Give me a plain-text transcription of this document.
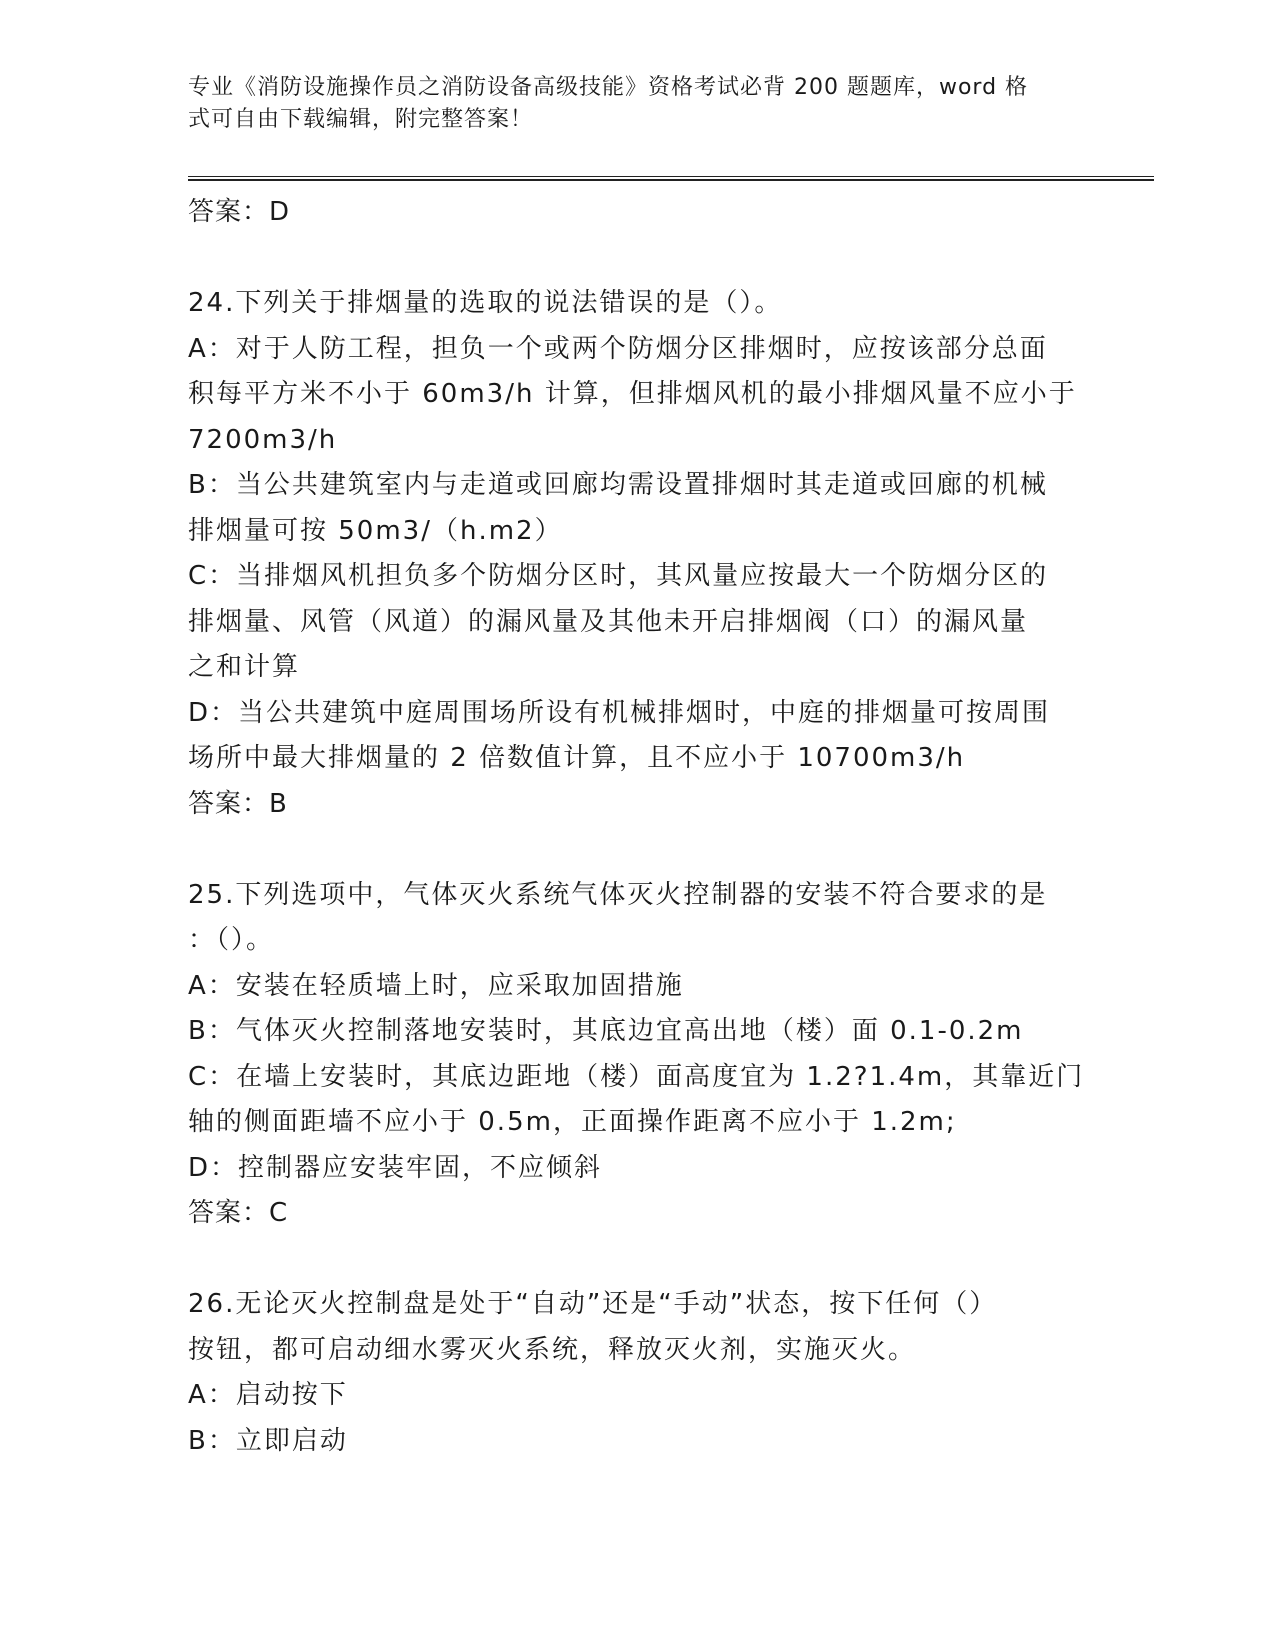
专业《消防设施操作员之消防设备高级技能》资格考试必背 200 题题库，word 格
式可自由下载编辑，附完整答案！
答案：D
24.下列关于排烟量的选取的说法错误的是（）。
A：对于人防工程，担负一个或两个防烟分区排烟时，应按该部分总面
积每平方米不小于 60m3/h 计算，但排烟风机的最小排烟风量不应小于
7200m3/h
B：当公共建筑室内与走道或回廊均需设置排烟时其走道或回廊的机械
排烟量可按 50m3/（h.m2）
C：当排烟风机担负多个防烟分区时，其风量应按最大一个防烟分区的
排烟量、风管（风道）的漏风量及其他未开启排烟阀（口）的漏风量
之和计算
D：当公共建筑中庭周围场所设有机械排烟时，中庭的排烟量可按周围
场所中最大排烟量的 2 倍数值计算，且不应小于 10700m3/h
答案：B
25.下列选项中，气体灭火系统气体灭火控制器的安装不符合要求的是
：（）。
A：安装在轻质墙上时，应采取加固措施
B：气体灭火控制落地安装时，其底边宜高出地（楼）面 0.1-0.2m
C：在墙上安装时，其底边距地（楼）面高度宜为 1.2?1.4m，其靠近门
轴的侧面距墙不应小于 0.5m，正面操作距离不应小于 1.2m;
D：控制器应安装牢固，不应倾斜
答案：C
26.无论灭火控制盘是处于“自动”还是“手动”状态，按下任何（）
按钮，都可启动细水雾灭火系统，释放灭火剂，实施灭火。
A：启动按下
B：立即启动
